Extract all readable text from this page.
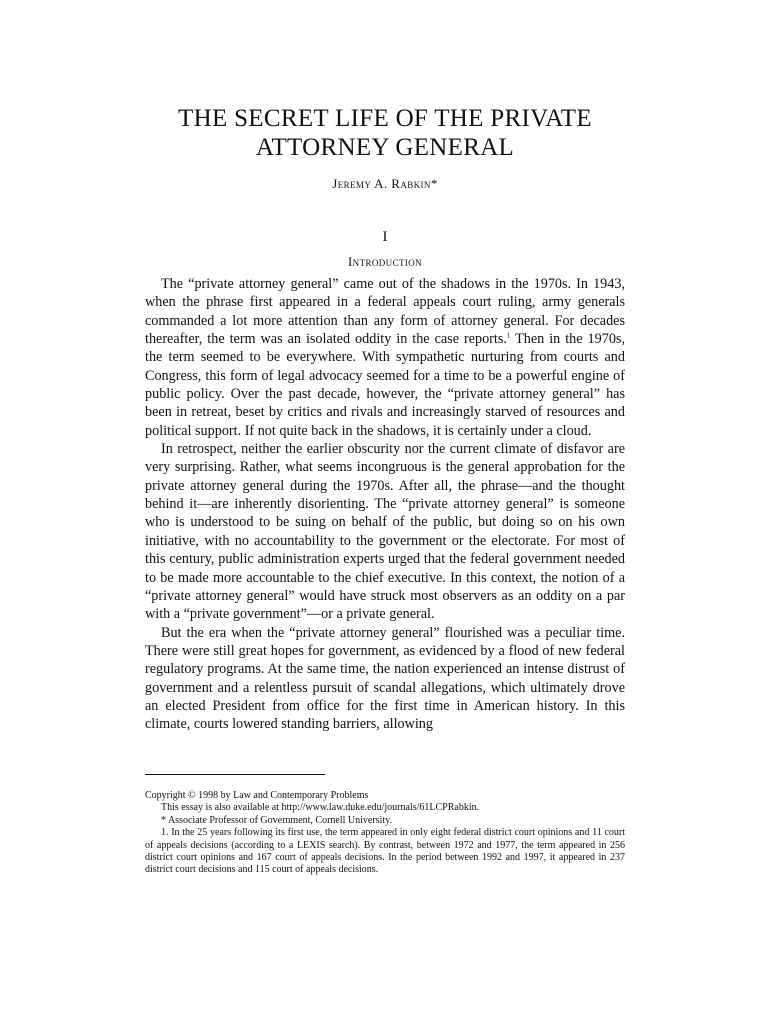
THE SECRET LIFE OF THE PRIVATE
ATTORNEY GENERAL
Jeremy A. Rabkin*
I
Introduction

The “private attorney general” came out of the shadows in the 1970s. In 1943, when the phrase first appeared in a federal appeals court ruling, army generals commanded a lot more attention than any form of attorney general. For decades thereafter, the term was an isolated oddity in the case reports.$^1$ Then in the 1970s, the term seemed to be everywhere. With sympathetic nurturing from courts and Congress, this form of legal advocacy seemed for a time to be a powerful engine of public policy. Over the past decade, however, the “private attorney general” has been in retreat, beset by critics and rivals and increasingly starved of resources and political support. If not quite back in the shadows, it is certainly under a cloud.

In retrospect, neither the earlier obscurity nor the current climate of disfavor are very surprising. Rather, what seems incongruous is the general approbation for the private attorney general during the 1970s. After all, the phrase—and the thought behind it—are inherently disorienting. The “private attorney general” is someone who is understood to be suing on behalf of the public, but doing so on his own initiative, with no accountability to the government or the electorate. For most of this century, public administration experts urged that the federal government needed to be made more accountable to the chief executive. In this context, the notion of a “private attorney general” would have struck most observers as an oddity on a par with a “private government”—or a private general.

But the era when the “private attorney general” flourished was a peculiar time. There were still great hopes for government, as evidenced by a flood of new federal regulatory programs. At the same time, the nation experienced an intense distrust of government and a relentless pursuit of scandal allegations, which ultimately drove an elected President from office for the first time in American history. In this climate, courts lowered standing barriers, allowing

Copyright © 1998 by Law and Contemporary Problems

This essay is also available at http://www.law.duke.edu/journals/61LCPRabkin.

* Associate Professor of Government, Cornell University.

1. In the 25 years following its first use, the term appeared in only eight federal district court opinions and 11 court of appeals decisions (according to a LEXIS search). By contrast, between 1972 and 1977, the term appeared in 256 district court opinions and 167 court of appeals decisions. In the period between 1992 and 1997, it appeared in 237 district court decisions and 115 court of appeals decisions.
